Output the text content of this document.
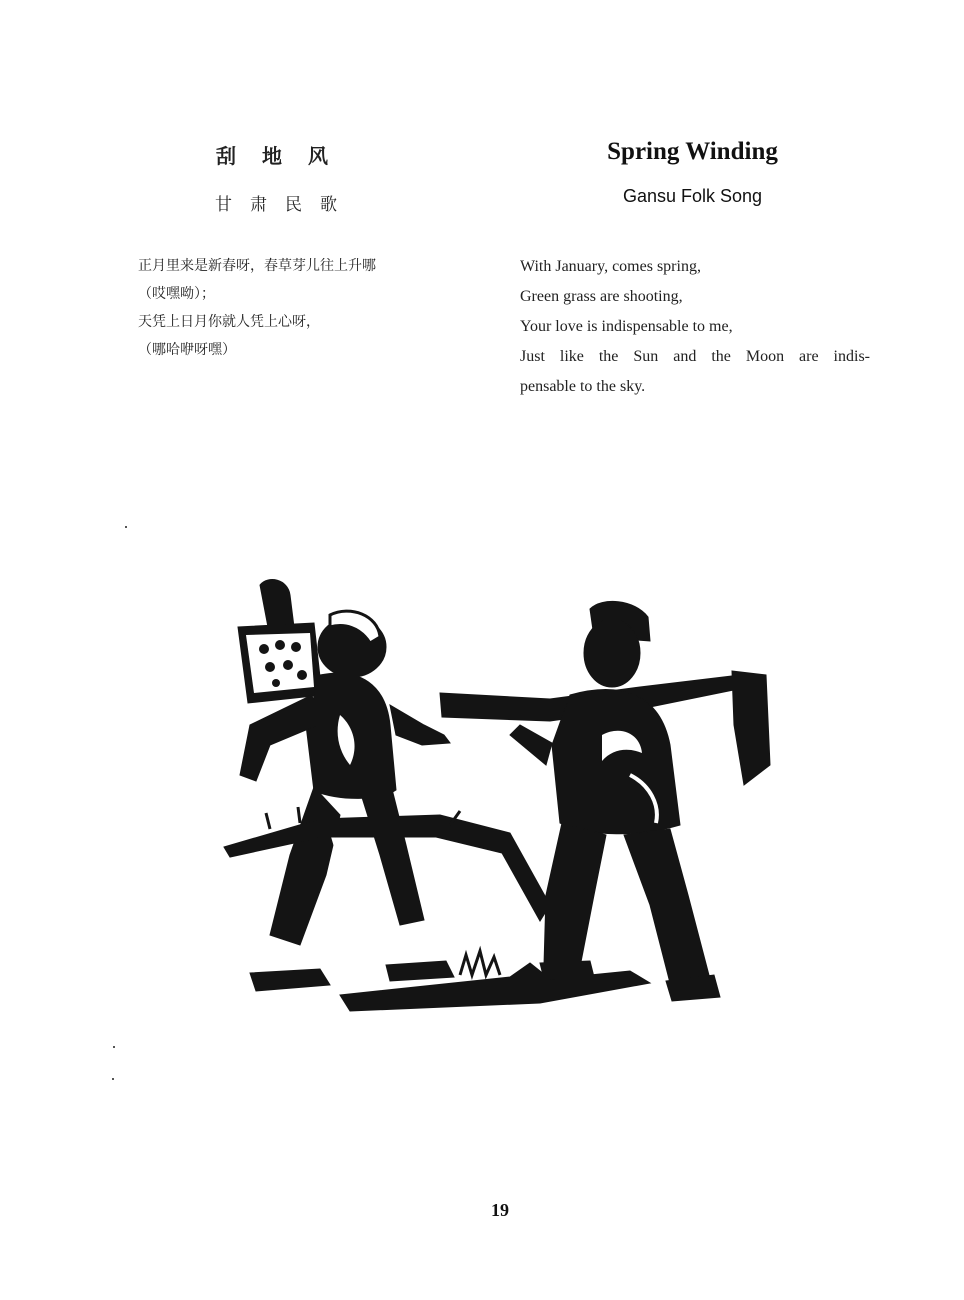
刮地风
甘肃民歌
正月里来是新春呀，春草芽儿往上升哪
（哎嘿呦）；
天凭上日月你就人凭上心呀，
（哪哈咿呀嘿）
Spring Winding
Gansu Folk Song
With January, comes spring,
Green grass are shooting,
Your love is indispensable to me,
Just like the Sun and the Moon are indis-
pensable to the sky.
19
